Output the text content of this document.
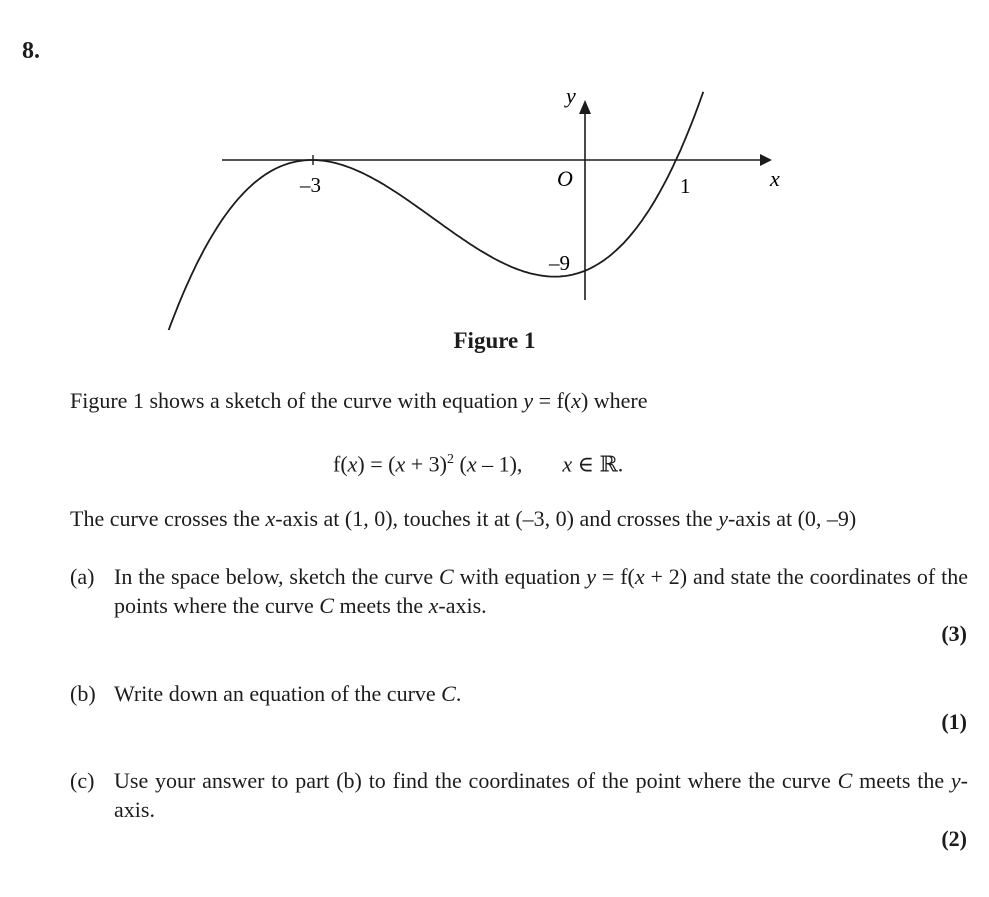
8.
y
x
O
–3	1
–9
Figure 1
Figure 1 shows a sketch of the curve with equation y = f(x) where
$f(x) = (x + 3)^2$ (x – 1), x ∈ ℝ.
The curve crosses the x-axis at (1, 0), touches it at (–3, 0) and crosses the y-axis at (0, –9)
(a) In the space below, sketch the curve C with equation y = f(x + 2) and state the coordinates of the points where the curve C meets the x-axis.
(3)
(b) Write down an equation of the curve C.
(1)
(c) Use your answer to part (b) to find the coordinates of the point where the curve C meets the y-axis.
(2)
